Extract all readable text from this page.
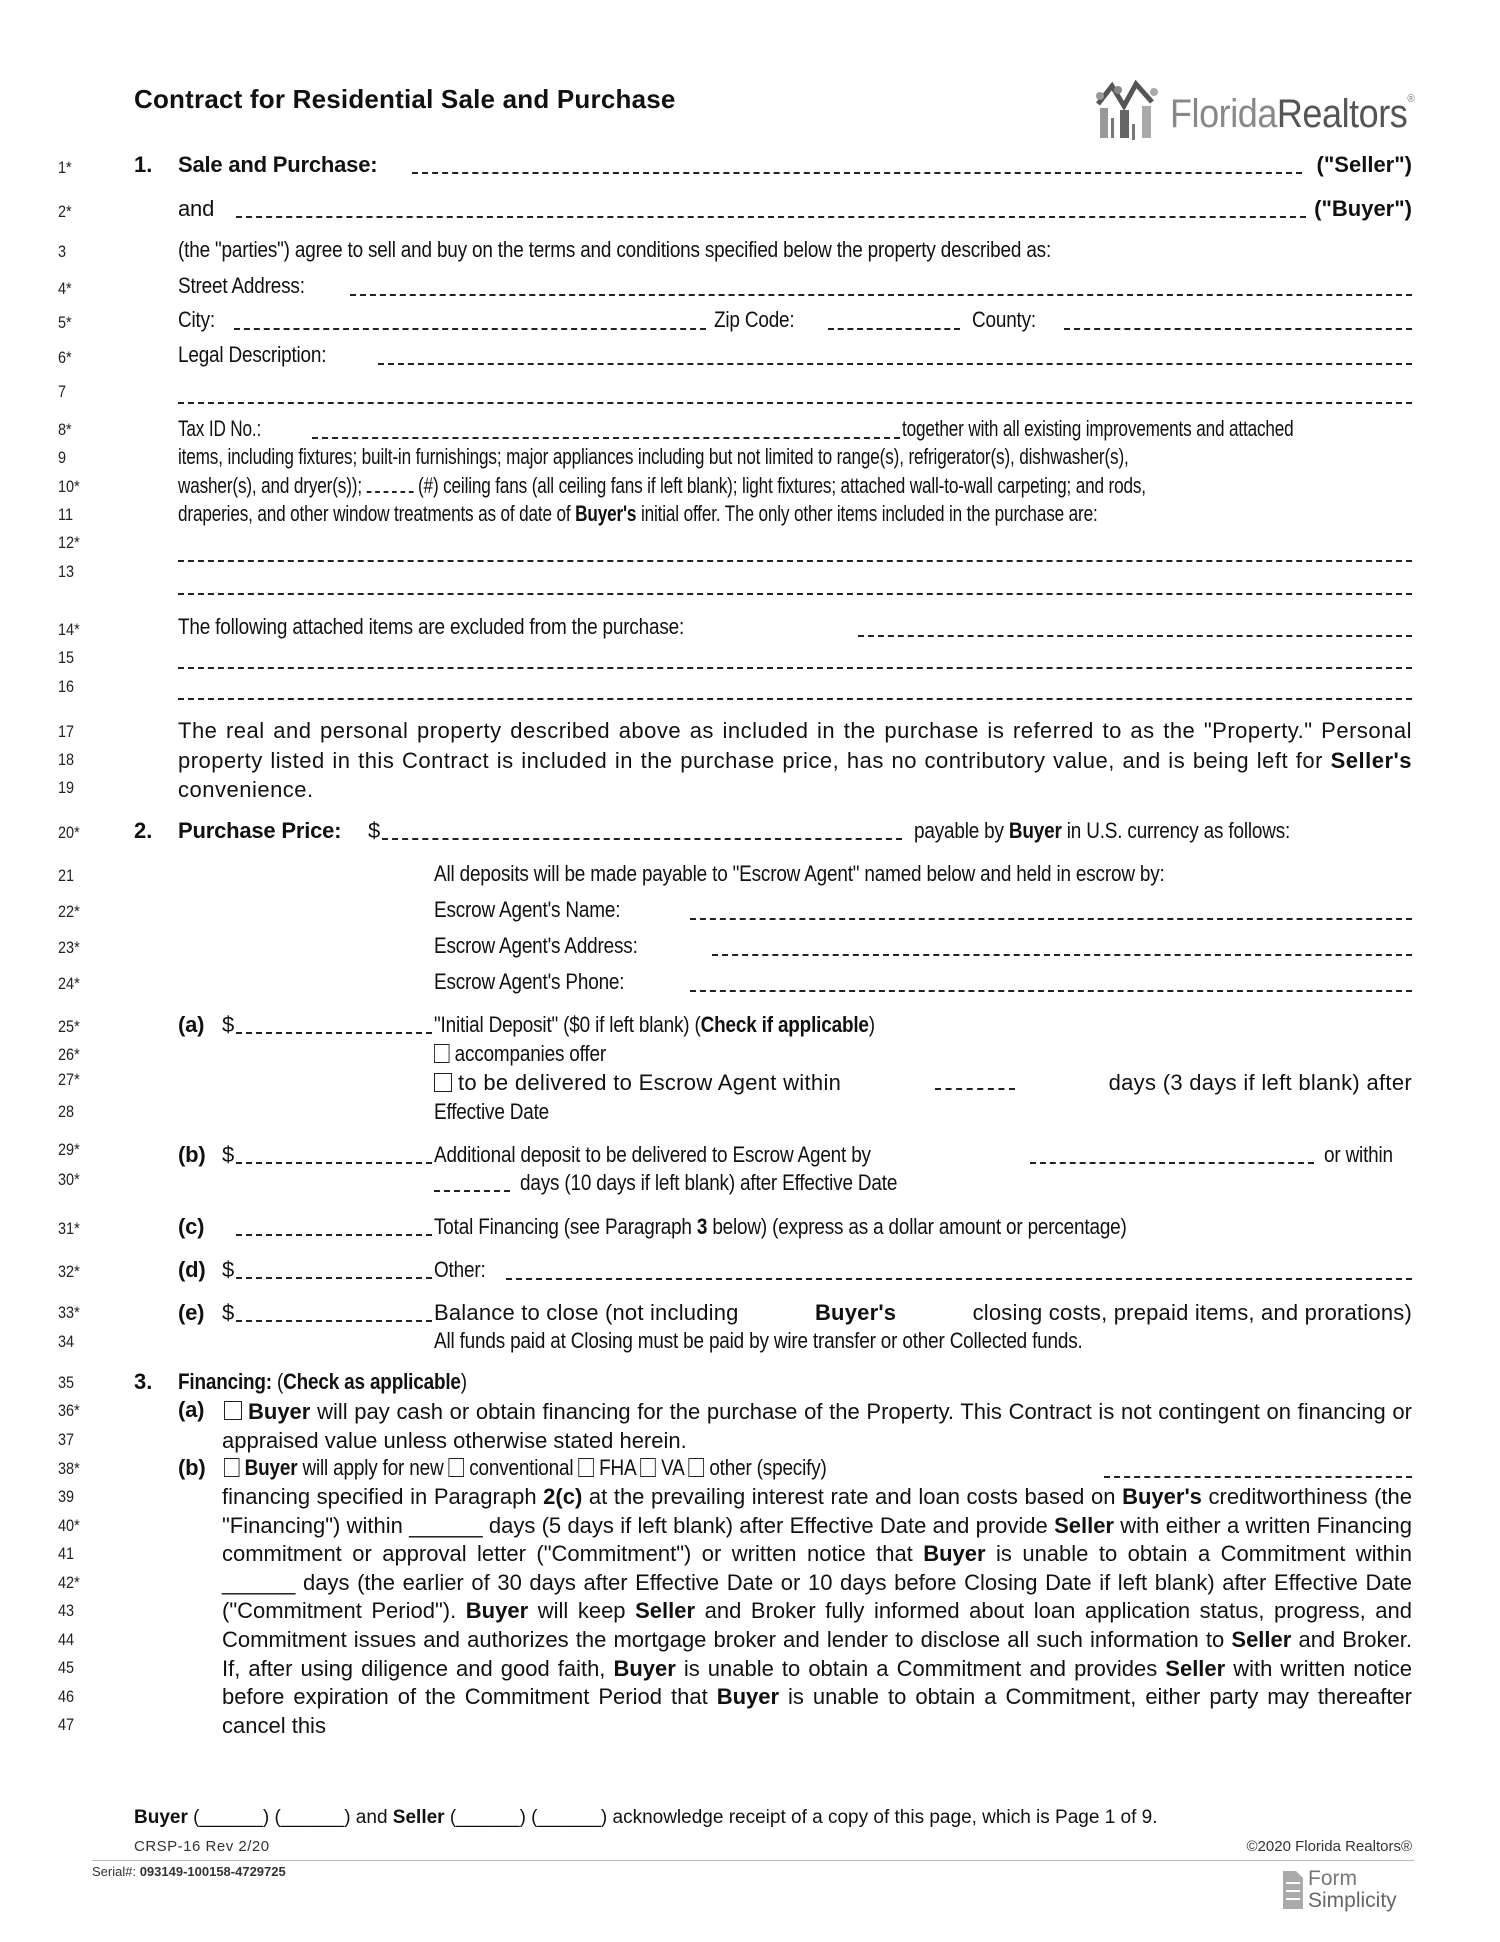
Contract for Residential Sale and Purchase	FloridaRealtors®
1*
2*
3
4*
5*
6*
7
8*
9
10*
11
12*
13
14*
15
16
17
18
19
20*
21
22*
23*
24*
25*
26*
27*
28
29*
30*
31*
32*
33*
34
35
36*
37
38*
39
40*
41
42*
43
44
45
46
47
1. Sale and Purchase:	("Seller")
and	("Buyer")
(the "parties") agree to sell and buy on the terms and conditions specified below the property described as:
Street Address:
City:	Zip Code:	County:
Legal Description:
Tax ID No.:	together with all existing improvements and attached
items, including fixtures; built-in furnishings; major appliances including but not limited to range(s), refrigerator(s), dishwasher(s),
washer(s), and dryer(s));	(#) ceiling fans (all ceiling fans if left blank); light fixtures; attached wall-to-wall carpeting; and rods,
draperies, and other window treatments as of date of Buyer's initial offer. The only other items included in the purchase are:
The following attached items are excluded from the purchase:
The real and personal property described above as included in the purchase is referred to as the "Property." Personal property listed in this Contract is included in the purchase price, has no contributory value, and is being left for Seller's convenience.
2. Purchase Price: $	payable by Buyer in U.S. currency as follows:
All deposits will be made payable to "Escrow Agent" named below and held in escrow by:
Escrow Agent's Name:
Escrow Agent's Address:
Escrow Agent's Phone:
(a) $	"Initial Deposit" ($0 if left blank) (Check if applicable)
accompanies offer
to be delivered to Escrow Agent within	days (3 days if left blank) after
Effective Date
(b) $	Additional deposit to be delivered to Escrow Agent by	or within
days (10 days if left blank) after Effective Date
(c)	Total Financing (see Paragraph 3 below) (express as a dollar amount or percentage)
(d) $	Other:
(e) $	Balance to close (not including	Buyer's	closing costs, prepaid items, and prorations)
All funds paid at Closing must be paid by wire transfer or other Collected funds.
3. Financing: (Check as applicable)
(a)	Buyer will pay cash or obtain financing for the purchase of the Property. This Contract is not contingent on financing or appraised value unless otherwise stated herein.
(b)	Buyer will apply for new conventional FHA VA other (specify)
financing specified in Paragraph 2(c) at the prevailing interest rate and loan costs based on Buyer's creditworthiness (the "Financing") within ______ days (5 days if left blank) after Effective Date and provide Seller with either a written Financing commitment or approval letter ("Commitment") or written notice that Buyer is unable to obtain a Commitment within ______ days (the earlier of 30 days after Effective Date or 10 days before Closing Date if left blank) after Effective Date ("Commitment Period"). Buyer will keep Seller and Broker fully informed about loan application status, progress, and Commitment issues and authorizes the mortgage broker and lender to disclose all such information to Seller and Broker. If, after using diligence and good faith, Buyer is unable to obtain a Commitment and provides Seller with written notice before expiration of the Commitment Period that Buyer is unable to obtain a Commitment, either party may thereafter cancel this
Buyer (______) (______) and Seller (______) (______) acknowledge receipt of a copy of this page, which is Page 1 of 9.
CRSP-16 Rev 2/20	©2020 Florida Realtors®
Serial#: 093149-100158-4729725	Form
Simplicity
